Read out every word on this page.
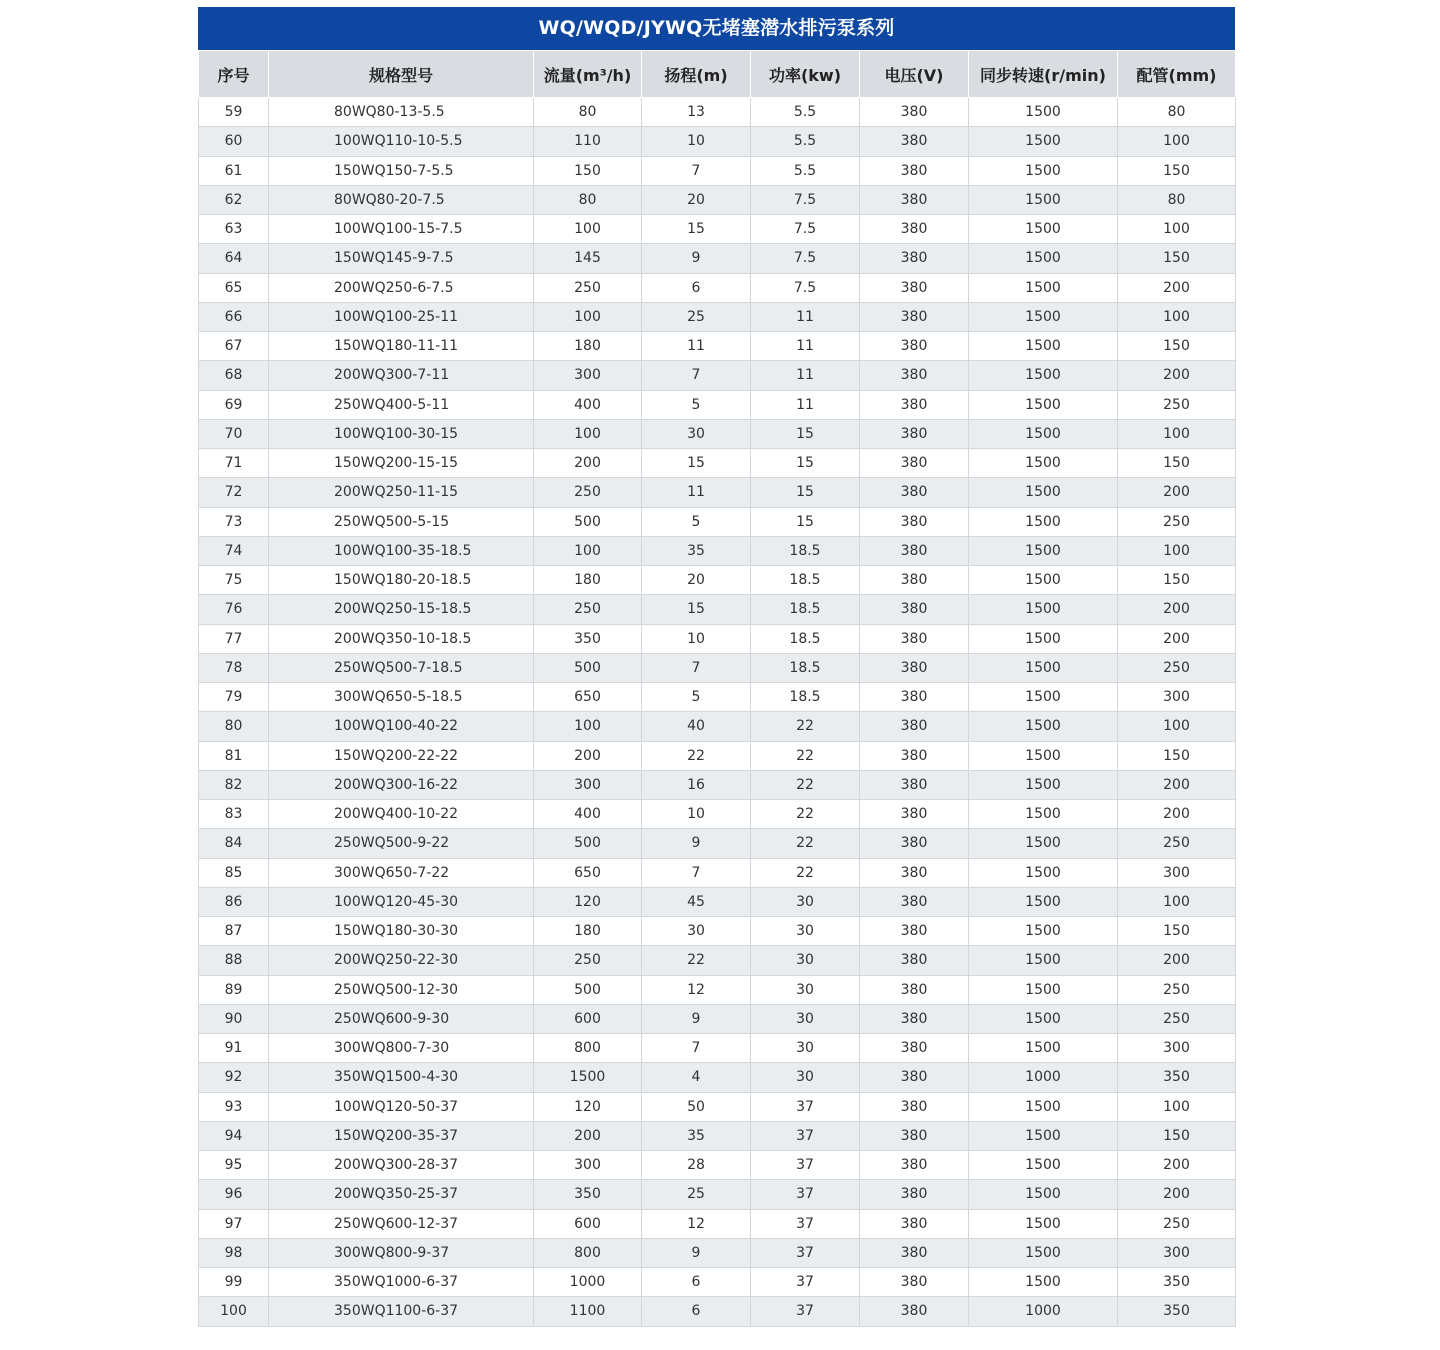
WQ/WQD/JYWQ无堵塞潜水排污泵系列
序号	规格型号	流量(m³/h)	扬程(m)	功率(kw)	电压(V)	同步转速(r/min)	配管(mm)
59	80WQ80-13-5.5	80	13	5.5	380	1500	80
60	100WQ110-10-5.5	110	10	5.5	380	1500	100
61	150WQ150-7-5.5	150	7	5.5	380	1500	150
62	80WQ80-20-7.5	80	20	7.5	380	1500	80
63	100WQ100-15-7.5	100	15	7.5	380	1500	100
64	150WQ145-9-7.5	145	9	7.5	380	1500	150
65	200WQ250-6-7.5	250	6	7.5	380	1500	200
66	100WQ100-25-11	100	25	11	380	1500	100
67	150WQ180-11-11	180	11	11	380	1500	150
68	200WQ300-7-11	300	7	11	380	1500	200
69	250WQ400-5-11	400	5	11	380	1500	250
70	100WQ100-30-15	100	30	15	380	1500	100
71	150WQ200-15-15	200	15	15	380	1500	150
72	200WQ250-11-15	250	11	15	380	1500	200
73	250WQ500-5-15	500	5	15	380	1500	250
74	100WQ100-35-18.5	100	35	18.5	380	1500	100
75	150WQ180-20-18.5	180	20	18.5	380	1500	150
76	200WQ250-15-18.5	250	15	18.5	380	1500	200
77	200WQ350-10-18.5	350	10	18.5	380	1500	200
78	250WQ500-7-18.5	500	7	18.5	380	1500	250
79	300WQ650-5-18.5	650	5	18.5	380	1500	300
80	100WQ100-40-22	100	40	22	380	1500	100
81	150WQ200-22-22	200	22	22	380	1500	150
82	200WQ300-16-22	300	16	22	380	1500	200
83	200WQ400-10-22	400	10	22	380	1500	200
84	250WQ500-9-22	500	9	22	380	1500	250
85	300WQ650-7-22	650	7	22	380	1500	300
86	100WQ120-45-30	120	45	30	380	1500	100
87	150WQ180-30-30	180	30	30	380	1500	150
88	200WQ250-22-30	250	22	30	380	1500	200
89	250WQ500-12-30	500	12	30	380	1500	250
90	250WQ600-9-30	600	9	30	380	1500	250
91	300WQ800-7-30	800	7	30	380	1500	300
92	350WQ1500-4-30	1500	4	30	380	1000	350
93	100WQ120-50-37	120	50	37	380	1500	100
94	150WQ200-35-37	200	35	37	380	1500	150
95	200WQ300-28-37	300	28	37	380	1500	200
96	200WQ350-25-37	350	25	37	380	1500	200
97	250WQ600-12-37	600	12	37	380	1500	250
98	300WQ800-9-37	800	9	37	380	1500	300
99	350WQ1000-6-37	1000	6	37	380	1500	350
100	350WQ1100-6-37	1100	6	37	380	1000	350
